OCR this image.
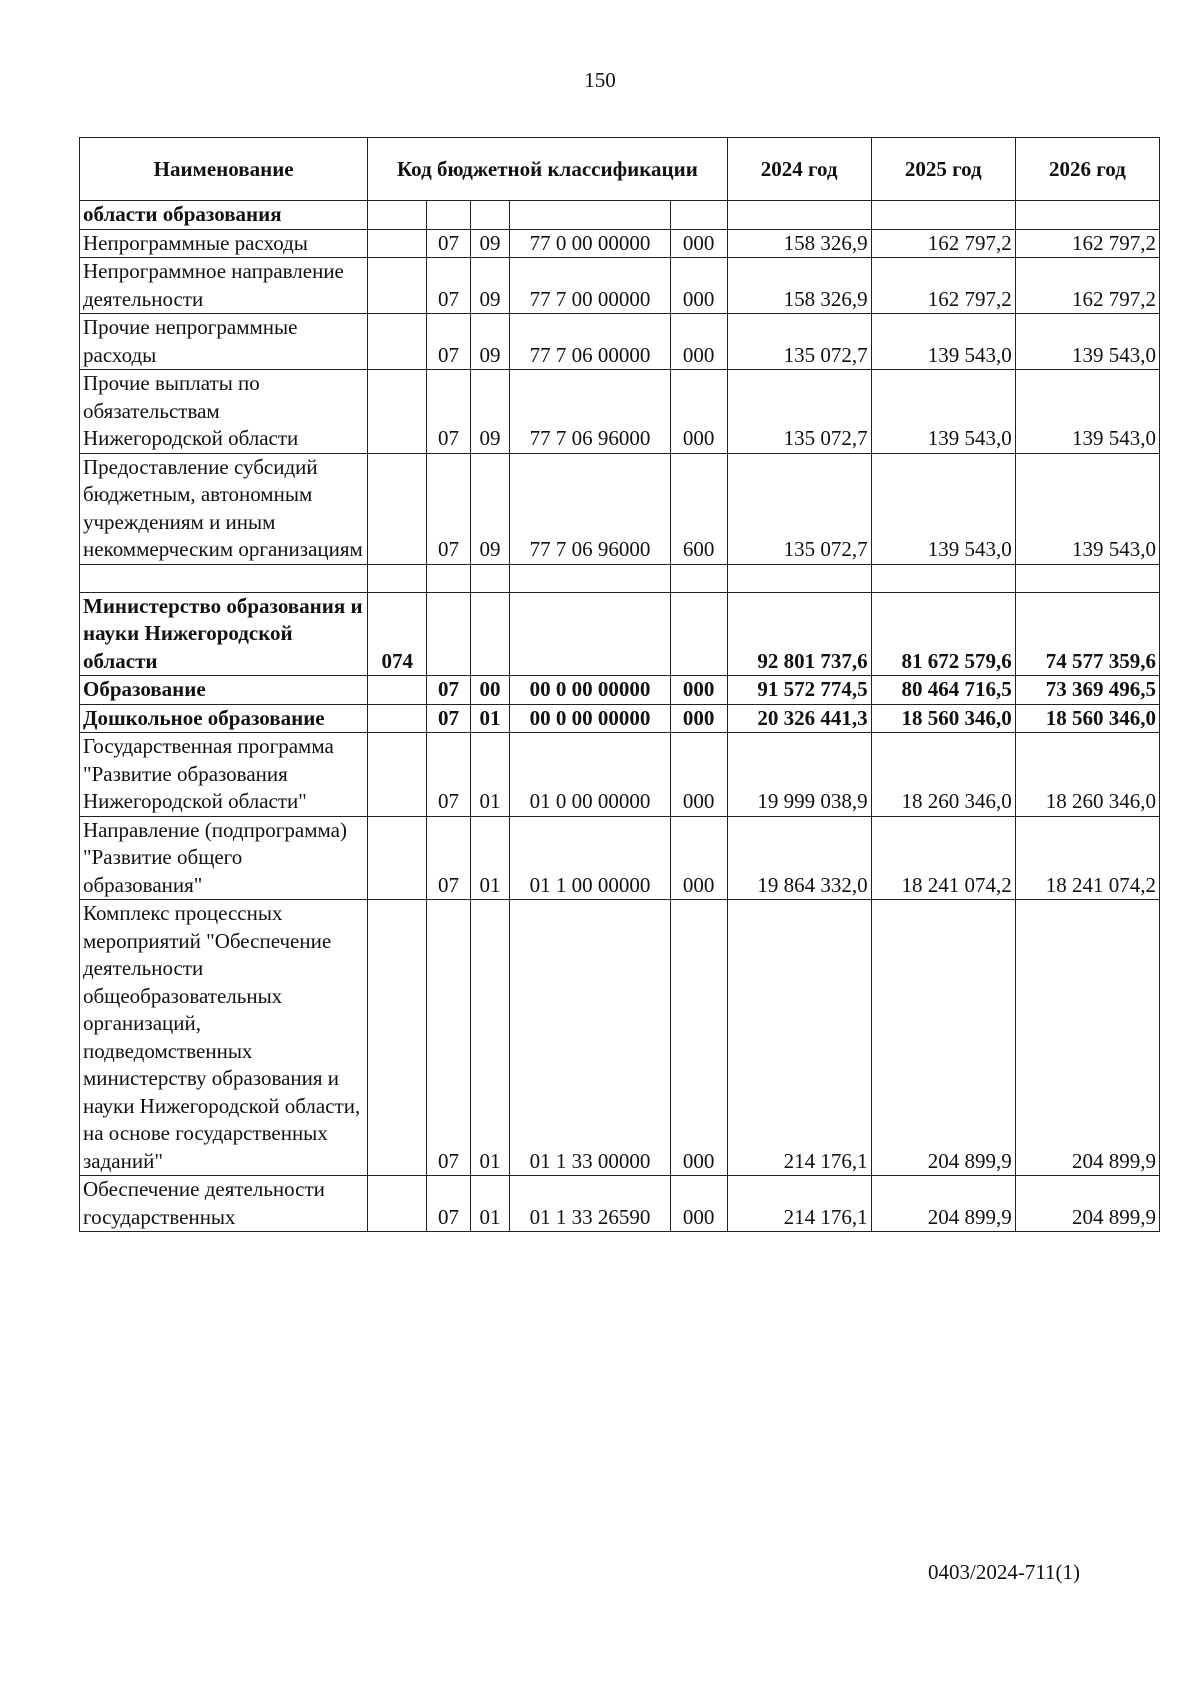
150
Наименование	Код бюджетной классификации					2024 год	2025 год	2026 год
области образования								
Непрограммные расходы		07	09	77 0 00 00000	000	158 326,9	162 797,2	162 797,2
Непрограммное направление деятельности		07	09	77 7 00 00000	000	158 326,9	162 797,2	162 797,2
Прочие непрограммные расходы		07	09	77 7 06 00000	000	135 072,7	139 543,0	139 543,0
Прочие выплаты по обязательствам Нижегородской области		07	09	77 7 06 96000	000	135 072,7	139 543,0	139 543,0
Предоставление субсидий бюджетным, автономным учреждениям и иным некоммерческим организациям		07	09	77 7 06 96000	600	135 072,7	139 543,0	139 543,0

Министерство образования и науки Нижегородской области	074					92 801 737,6	81 672 579,6	74 577 359,6
Образование		07	00	00 0 00 00000	000	91 572 774,5	80 464 716,5	73 369 496,5
Дошкольное образование		07	01	00 0 00 00000	000	20 326 441,3	18 560 346,0	18 560 346,0
Государственная программа "Развитие образования Нижегородской области"		07	01	01 0 00 00000	000	19 999 038,9	18 260 346,0	18 260 346,0
Направление (подпрограмма) "Развитие общего образования"		07	01	01 1 00 00000	000	19 864 332,0	18 241 074,2	18 241 074,2
Комплекс процессных мероприятий "Обеспечение деятельности общеобразовательных организаций, подведомственных министерству образования и науки Нижегородской области, на основе государственных заданий"		07	01	01 1 33 00000	000	214 176,1	204 899,9	204 899,9
Обеспечение деятельности государственных		07	01	01 1 33 26590	000	214 176,1	204 899,9	204 899,9
0403/2024-711(1)
